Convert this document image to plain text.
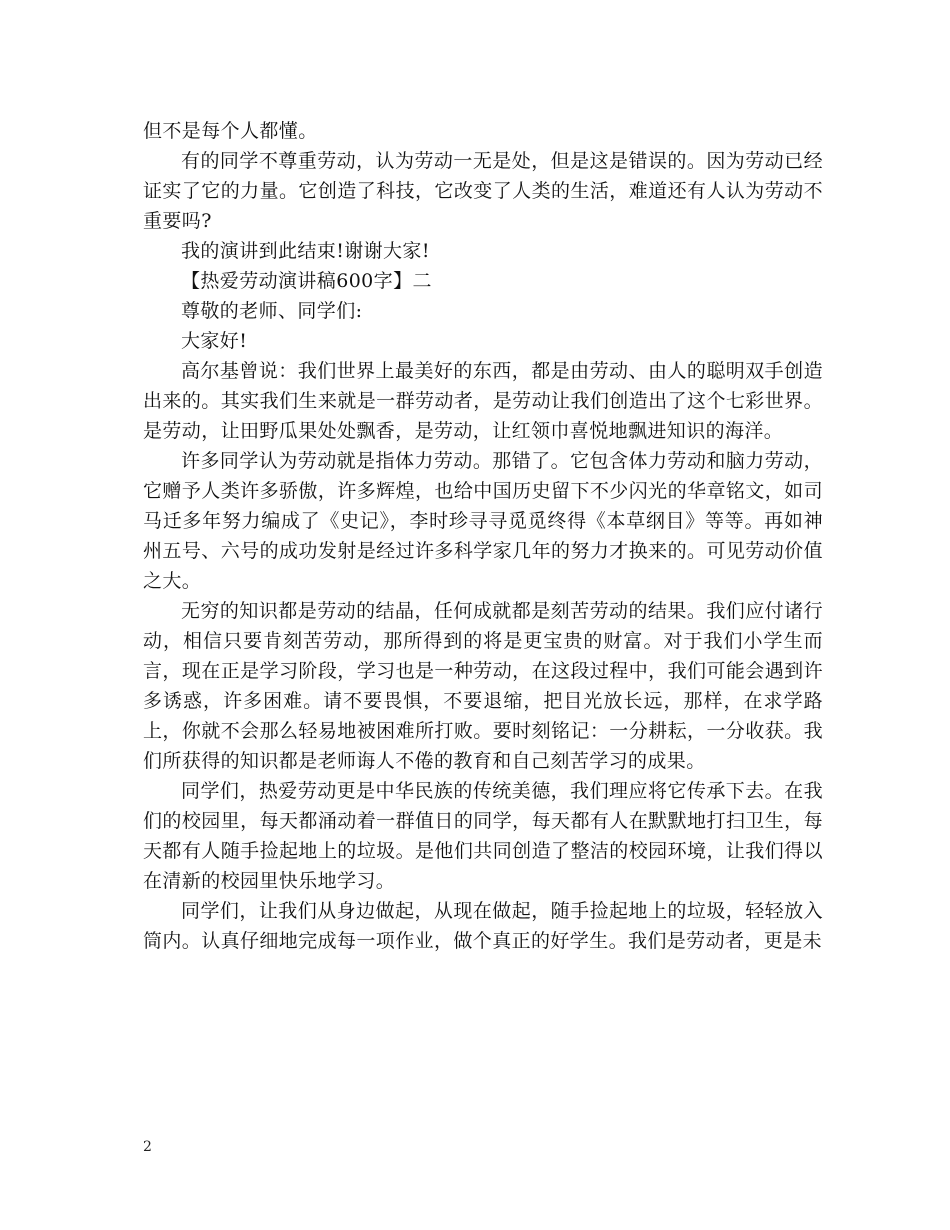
但不是每个人都懂。

有的同学不尊重劳动，认为劳动一无是处，但是这是错误的。因为劳动已经证实了它的力量。它创造了科技，它改变了人类的生活，难道还有人认为劳动不重要吗?

我的演讲到此结束!谢谢大家!

【热爱劳动演讲稿600字】二

尊敬的老师、同学们:

大家好!

高尔基曾说：我们世界上最美好的东西，都是由劳动、由人的聪明双手创造出来的。其实我们生来就是一群劳动者，是劳动让我们创造出了这个七彩世界。是劳动，让田野瓜果处处飘香，是劳动，让红领巾喜悦地飘进知识的海洋。

许多同学认为劳动就是指体力劳动。那错了。它包含体力劳动和脑力劳动，它赠予人类许多骄傲，许多辉煌，也给中国历史留下不少闪光的华章铭文，如司马迁多年努力编成了《史记》，李时珍寻寻觅觅终得《本草纲目》等等。再如神州五号、六号的成功发射是经过许多科学家几年的努力才换来的。可见劳动价值之大。

无穷的知识都是劳动的结晶，任何成就都是刻苦劳动的结果。我们应付诸行动，相信只要肯刻苦劳动，那所得到的将是更宝贵的财富。对于我们小学生而言，现在正是学习阶段，学习也是一种劳动，在这段过程中，我们可能会遇到许多诱惑，许多困难。请不要畏惧，不要退缩，把目光放长远，那样，在求学路上，你就不会那么轻易地被困难所打败。要时刻铭记：一分耕耘，一分收获。我们所获得的知识都是老师诲人不倦的教育和自己刻苦学习的成果。

同学们，热爱劳动更是中华民族的传统美德，我们理应将它传承下去。在我们的校园里，每天都涌动着一群值日的同学，每天都有人在默默地打扫卫生，每天都有人随手捡起地上的垃圾。是他们共同创造了整洁的校园环境，让我们得以在清新的校园里快乐地学习。

同学们，让我们从身边做起，从现在做起，随手捡起地上的垃圾，轻轻放入筒内。认真仔细地完成每一项作业，做个真正的好学生。我们是劳动者，更是未

2
